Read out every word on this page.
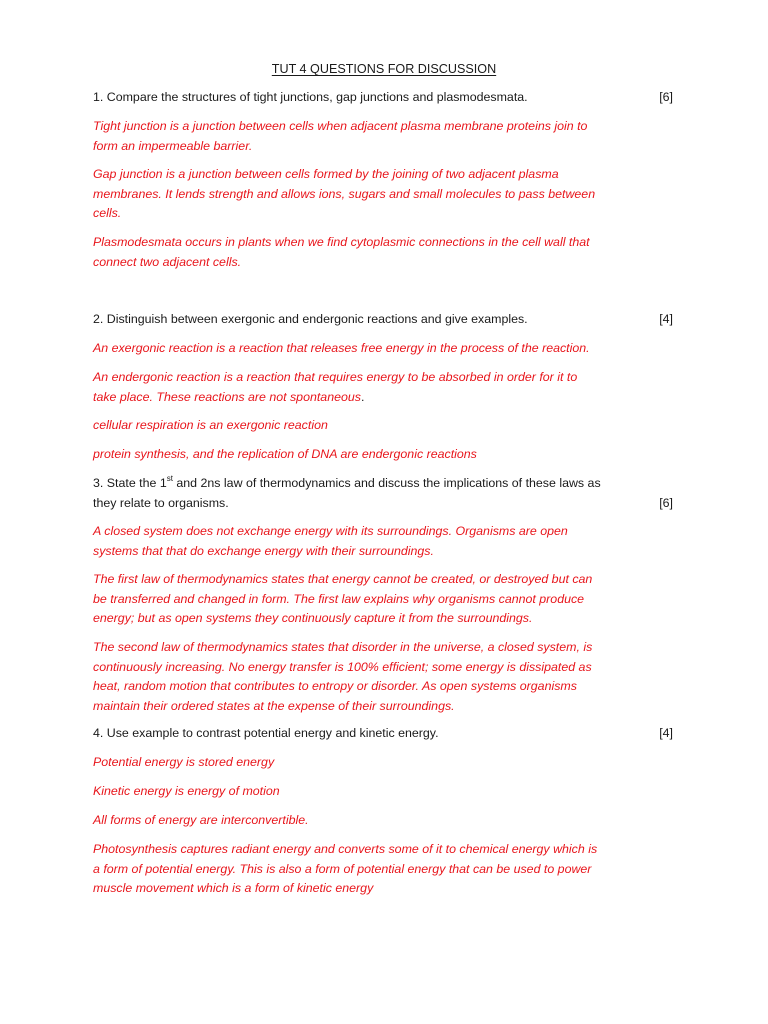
TUT 4 QUESTIONS FOR DISCUSSION
1. Compare the structures of tight junctions, gap junctions and plasmodesmata.	[6]
Tight junction is a junction between cells when adjacent plasma membrane proteins join to
form an impermeable barrier.
Gap junction is a junction between cells formed by the joining of two adjacent plasma
membranes. It lends strength and allows ions, sugars and small molecules to pass between
cells.
Plasmodesmata occurs in plants when we find cytoplasmic connections in the cell wall that
connect two adjacent cells.
2. Distinguish between exergonic and endergonic reactions and give examples.	[4]
An exergonic reaction is a reaction that releases free energy in the process of the reaction.
An endergonic reaction is a reaction that requires energy to be absorbed in order for it to
take place. These reactions are not spontaneous.
cellular respiration is an exergonic reaction
protein synthesis, and the replication of DNA are endergonic reactions
3. State the 1st and 2ns law of thermodynamics and discuss the implications of these laws as
they relate to organisms.	[6]
A closed system does not exchange energy with its surroundings. Organisms are open
systems that that do exchange energy with their surroundings.
The first law of thermodynamics states that energy cannot be created, or destroyed but can
be transferred and changed in form. The first law explains why organisms cannot produce
energy; but as open systems they continuously capture it from the surroundings.
The second law of thermodynamics states that disorder in the universe, a closed system, is
continuously increasing. No energy transfer is 100% efficient; some energy is dissipated as
heat, random motion that contributes to entropy or disorder. As open systems organisms
maintain their ordered states at the expense of their surroundings.
4. Use example to contrast potential energy and kinetic energy.	[4]
Potential energy is stored energy
Kinetic energy is energy of motion
All forms of energy are interconvertible.
Photosynthesis captures radiant energy and converts some of it to chemical energy which is
a form of potential energy. This is also a form of potential energy that can be used to power
muscle movement which is a form of kinetic energy
